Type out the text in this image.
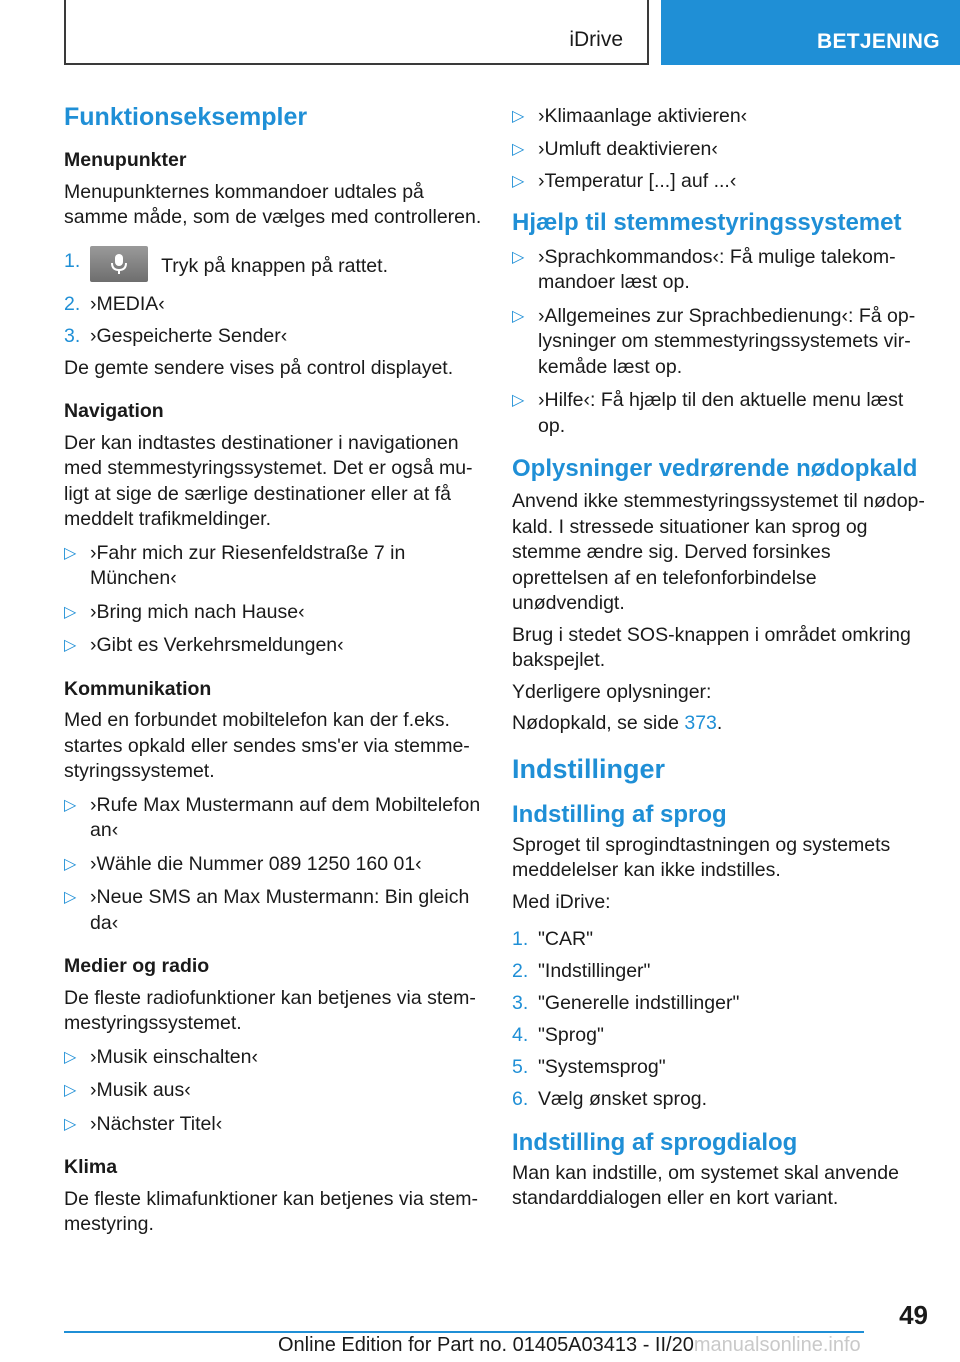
iDrive	BETJENING
Funktionseksempler
Menupunkter

Menupunkternes kommandoer udtales på samme måde, som de vælges med controlleren.

1.	Tryk på knappen på rattet.
2. ›MEDIA‹
3. ›Gespeicherte Sender‹

De gemte sendere vises på control displayet.

Navigation

Der kan indtastes destinationer i navigationen med stemmestyringssystemet. Det er også mu-ligt at sige de særlige destinationer eller at få meddelt trafikmeldinger.

▷ ›Fahr mich zur Riesenfeldstraße 7 in München‹
▷ ›Bring mich nach Hause‹
▷ ›Gibt es Verkehrsmeldungen‹
Kommunikation

Med en forbundet mobiltelefon kan der f.eks. startes opkald eller sendes sms'er via stemme-styringssystemet.

▷ ›Rufe Max Mustermann auf dem Mobiltelefon an‹
▷ ›Wähle die Nummer 089 1250 160 01‹
▷ ›Neue SMS an Max Mustermann: Bin gleich da‹
Medier og radio

De fleste radiofunktioner kan betjenes via stem-mestyringssystemet.

▷ ›Musik einschalten‹
▷ ›Musik aus‹
▷ ›Nächster Titel‹
Klima

De fleste klimafunktioner kan betjenes via stem-mestyring.

▷ ›Klimaanlage aktivieren‹
▷ ›Umluft deaktivieren‹
▷ ›Temperatur [...] auf ...‹
Hjælp til stemmestyringssystemet
▷ ›Sprachkommandos‹: Få mulige talekom-mandoer læst op.
▷ ›Allgemeines zur Sprachbedienung‹: Få op-lysninger om stemmestyringssystemets vir-kemåde læst op.
▷ ›Hilfe‹: Få hjælp til den aktuelle menu læst op.
Oplysninger vedrørende nødopkald

Anvend ikke stemmestyringssystemet til nødop-kald. I stressede situationer kan sprog og stemme ændre sig. Derved forsinkes oprettelsen af en telefonforbindelse unødvendigt.

Brug i stedet SOS-knappen i området omkring bakspejlet.

Yderligere oplysninger:

Nødopkald, se side 373.

Indstillinger
Indstilling af sprog

Sproget til sprogindtastningen og systemets meddelelser kan ikke indstilles.

Med iDrive:

1. "CAR"
2. "Indstillinger"
3. "Generelle indstillinger"
4. "Sprog"
5. "Systemsprog"
6. Vælg ønsket sprog.
Indstilling af sprogdialog

Man kan indstille, om systemet skal anvende standarddialogen eller en kort variant.

49
Online Edition for Part no. 01405A03413 - II/20manualsonline.info
